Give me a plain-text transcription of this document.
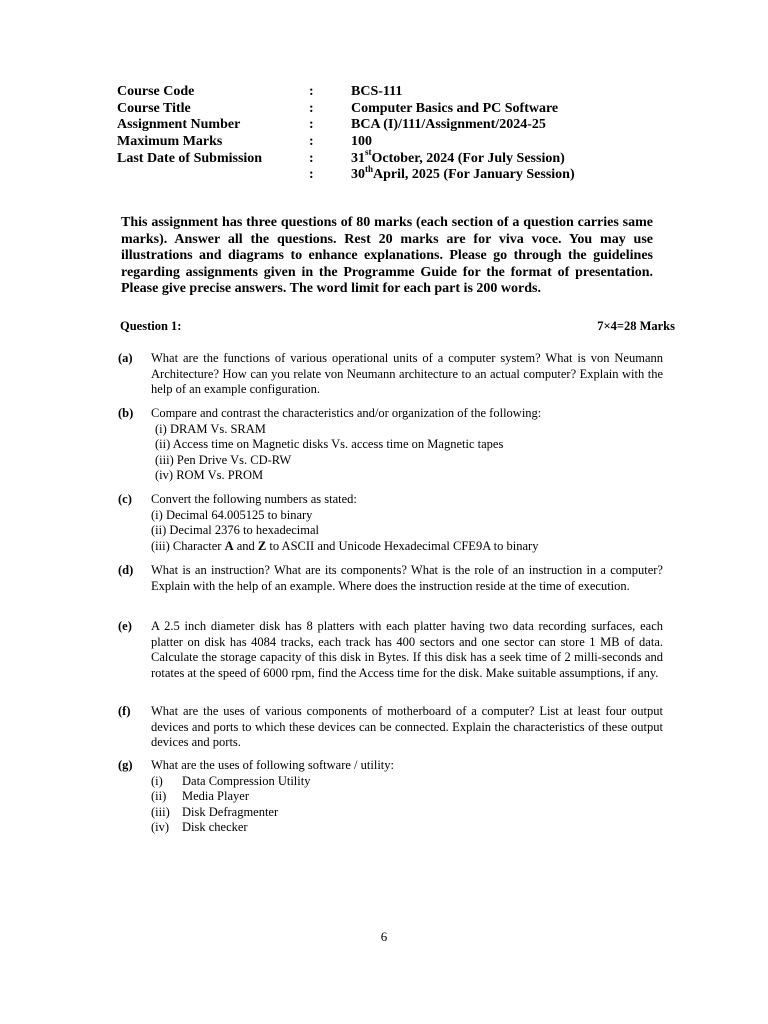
Course Code	:	BCS-111
Course Title	:	Computer Basics and PC Software
Assignment Number	:	BCA (I)/111/Assignment/2024-25
Maximum Marks	:	100
Last Date of Submission	:	31stOctober, 2024 (For July Session)
:	30thApril, 2025 (For January Session)
This assignment has three questions of 80 marks (each section of a question carries same marks). Answer all the questions. Rest 20 marks are for viva voce. You may use illustrations and diagrams to enhance explanations. Please go through the guidelines regarding assignments given in the Programme Guide for the format of presentation. Please give precise answers. The word limit for each part is 200 words.
Question 1:	7×4=28 Marks
(a)	What are the functions of various operational units of a computer system? What is von Neumann Architecture? How can you relate von Neumann architecture to an actual computer? Explain with the help of an example configuration.
(b)	Compare and contrast the characteristics and/or organization of the following:
(i) DRAM Vs. SRAM
(ii) Access time on Magnetic disks Vs. access time on Magnetic tapes
(iii) Pen Drive Vs. CD-RW
(iv) ROM Vs. PROM
(c)	Convert the following numbers as stated:
(i) Decimal 64.005125 to binary
(ii) Decimal 2376 to hexadecimal
(iii) Character A and Z to ASCII and Unicode Hexadecimal CFE9A to binary
(d)	What is an instruction? What are its components? What is the role of an instruction in a computer? Explain with the help of an example. Where does the instruction reside at the time of execution.
(e)	A 2.5 inch diameter disk has 8 platters with each platter having two data recording surfaces, each platter on disk has 4084 tracks, each track has 400 sectors and one sector can store 1 MB of data. Calculate the storage capacity of this disk in Bytes. If this disk has a seek time of 2 milli-seconds and rotates at the speed of 6000 rpm, find the Access time for the disk. Make suitable assumptions, if any.
(f)	What are the uses of various components of motherboard of a computer? List at least four output devices and ports to which these devices can be connected. Explain the characteristics of these output devices and ports.
(g)	What are the uses of following software / utility:
(i)	Data Compression Utility
(ii)	Media Player
(iii) Disk Defragmenter
(iv)	Disk checker
6
